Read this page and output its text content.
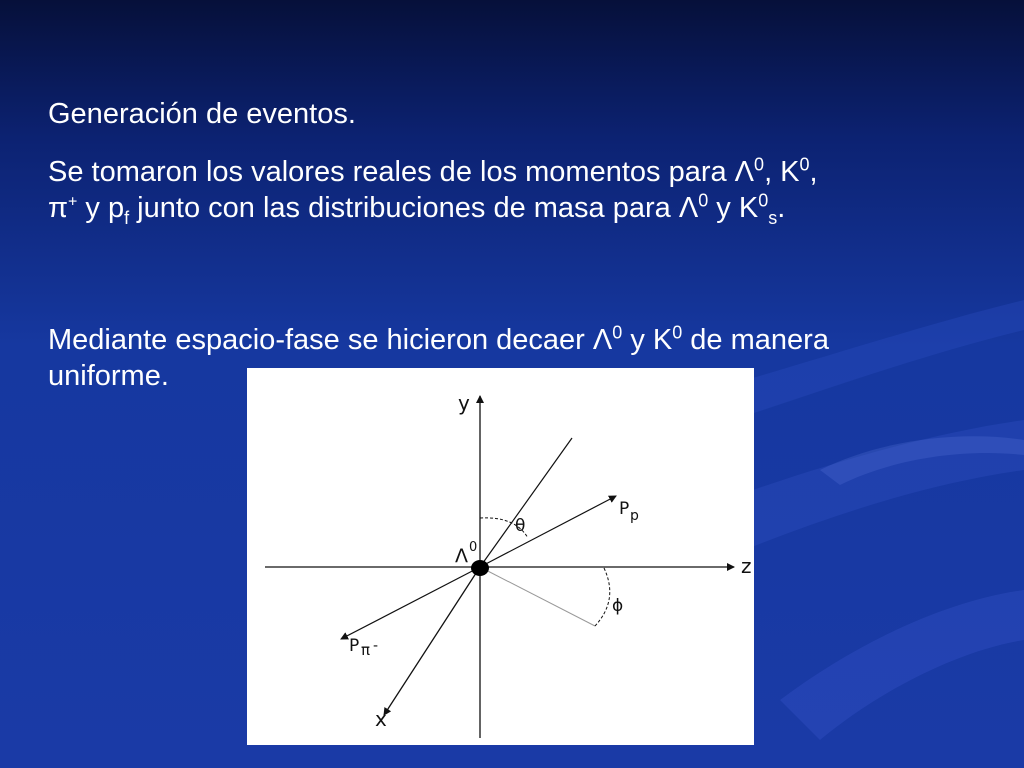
Generación de eventos.
Se tomaron los valores reales de los momentos para $\Lambda^0$, $K^0$,
π+ y $p_f$ junto con las distribuciones de masa para $\Lambda^0$ y $K^0_s$.
Mediante espacio-fase se hicieron decaer $\Lambda^0$ y $K^0$ de manera
uniforme.
y
z
x
Λ 0
θ
ϕ
P p
P π -
